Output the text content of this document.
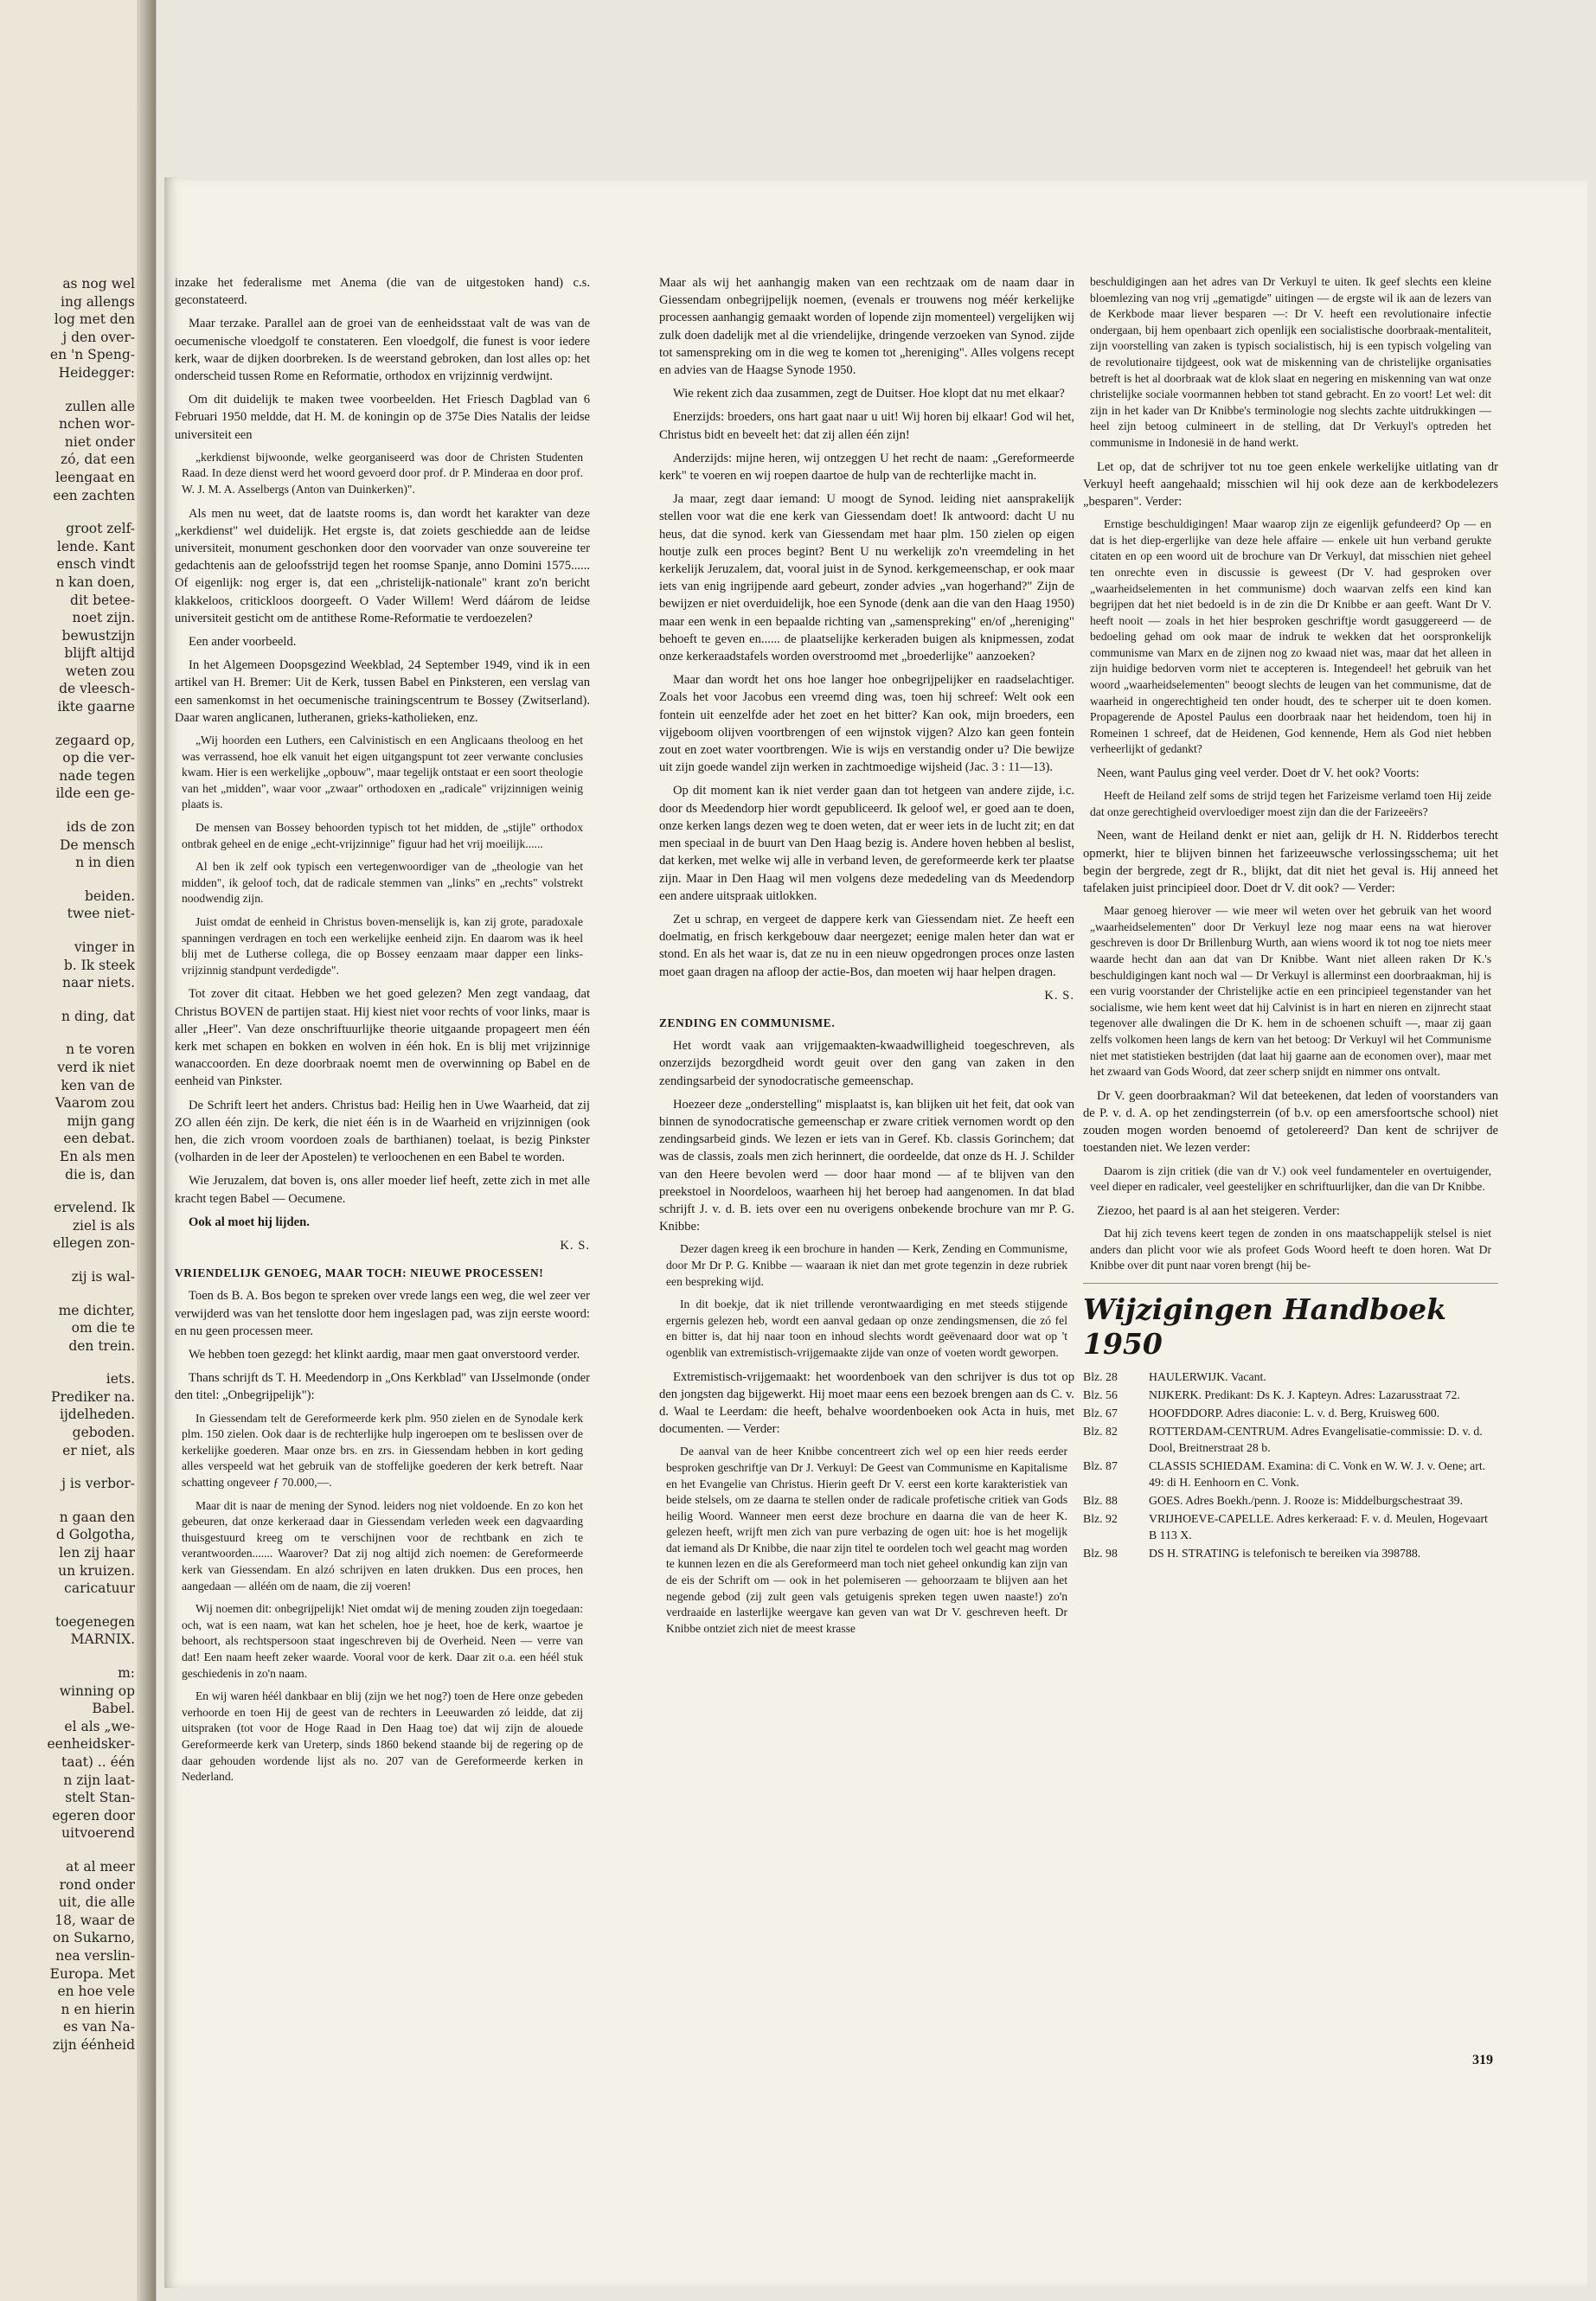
as nog wel
ing allengs
log met den
j den over-
en 'n Speng-
Heidegger:
zullen alle
nchen wor-
niet onder
zó, dat een
leengaat en
een zachten
groot zelf-
lende. Kant
ensch vindt
n kan doen,
dit betee-
noet zijn.
bewustzijn
blijft altijd
weten zou
de vleesch-
ikte gaarne
zegaard op,
op die ver-
nade tegen
ilde een ge-
ids de zon
De mensch
n in dien
beiden.
twee niet-
vinger in
b. Ik steek
naar niets.
n ding, dat
n te voren
verd ik niet
ken van de
Vaarom zou
mijn gang
een debat.
En als men
die is, dan
ervelend. Ik
ziel is als
ellegen zon-
zij is wal-
me dichter,
om die te
den trein.
iets.
Prediker na.
ijdelheden.
geboden.
er niet, als
j is verbor-
n gaan den
d Golgotha,
len zij haar
un kruizen.
caricatuur
toegenegen
MARNIX.
m:
winning op
Babel.
el als „we-
eenheidsker-
taat) .. één
n zijn laat-
stelt Stan-
egeren door
uitvoerend
at al meer
rond onder
uit, die alle
18, waar de
on Sukarno,
nea verslin-
Europa. Met
en hoe vele
n en hierin
es van Na-
zijn éénheid

inzake het federalisme met Anema (die van de uitgestoken hand) c.s. geconstateerd.

Maar terzake. Parallel aan de groei van de eenheidsstaat valt de was van de oecumenische vloedgolf te constateren. Een vloedgolf, die funest is voor iedere kerk, waar de dijken doorbreken. Is de weerstand gebroken, dan lost alles op: het onderscheid tussen Rome en Reformatie, orthodox en vrijzinnig verdwijnt.

Om dit duidelijk te maken twee voorbeelden. Het Friesch Dagblad van 6 Februari 1950 meldde, dat H. M. de koningin op de 375e Dies Natalis der leidse universiteit een

„kerkdienst bijwoonde, welke georganiseerd was door de Christen Studenten Raad. In deze dienst werd het woord gevoerd door prof. dr P. Minderaa en door prof. W. J. M. A. Asselbergs (Anton van Duinkerken)".

Als men nu weet, dat de laatste rooms is, dan wordt het karakter van deze „kerkdienst" wel duidelijk. Het ergste is, dat zoiets geschiedde aan de leidse universiteit, monument geschonken door den voorvader van onze souvereine ter gedachtenis aan de geloofsstrijd tegen het roomse Spanje, anno Domini 1575...... Of eigenlijk: nog erger is, dat een „christelijk-nationale" krant zo'n bericht klakkeloos, critickloos doorgeeft. O Vader Willem! Werd dáárom de leidse universiteit gesticht om de antithese Rome-Reformatie te verdoezelen?

Een ander voorbeeld.

In het Algemeen Doopsgezind Weekblad, 24 September 1949, vind ik in een artikel van H. Bremer: Uit de Kerk, tussen Babel en Pinksteren, een verslag van een samenkomst in het oecumenische trainingscentrum te Bossey (Zwitserland). Daar waren anglicanen, lutheranen, grieks-katholieken, enz.

„Wij hoorden een Luthers, een Calvinistisch en een Anglicaans theoloog en het was verrassend, hoe elk vanuit het eigen uitgangspunt tot zeer verwante conclusies kwam. Hier is een werkelijke „opbouw", maar tegelijk ontstaat er een soort theologie van het „midden", waar voor „zwaar" orthodoxen en „radicale" vrijzinnigen weinig plaats is.

De mensen van Bossey behoorden typisch tot het midden, de „stijle" orthodox ontbrak geheel en de enige „echt-vrijzinnige" figuur had het vrij moeilijk......

Al ben ik zelf ook typisch een vertegenwoordiger van de „theologie van het midden", ik geloof toch, dat de radicale stemmen van „links" en „rechts" volstrekt noodwendig zijn.

Juist omdat de eenheid in Christus boven-menselijk is, kan zij grote, paradoxale spanningen verdragen en toch een werkelijke eenheid zijn. En daarom was ik heel blij met de Lutherse collega, die op Bossey eenzaam maar dapper een links-vrijzinnig standpunt verdedigde".

Tot zover dit citaat. Hebben we het goed gelezen? Men zegt vandaag, dat Christus BOVEN de partijen staat. Hij kiest niet voor rechts of voor links, maar is aller „Heer". Van deze onschriftuurlijke theorie uitgaande propageert men één kerk met schapen en bokken en wolven in één hok. En is blij met vrijzinnige wanaccoorden. En deze doorbraak noemt men de overwinning op Babel en de eenheid van Pinkster.

De Schrift leert het anders. Christus bad: Heilig hen in Uwe Waarheid, dat zij ZO allen één zijn. De kerk, die niet één is in de Waarheid en vrijzinnigen (ook hen, die zich vroom voordoen zoals de barthianen) toelaat, is bezig Pinkster (volharden in de leer der Apostelen) te verloochenen en een Babel te worden.

Wie Jeruzalem, dat boven is, ons aller moeder lief heeft, zette zich in met alle kracht tegen Babel — Oecumene.

Ook al moet hij lijden.

K. S.

VRIENDELIJK GENOEG, MAAR TOCH: NIEUWE PROCESSEN!

Toen ds B. A. Bos begon te spreken over vrede langs een weg, die wel zeer ver verwijderd was van het tenslotte door hem ingeslagen pad, was zijn eerste woord: en nu geen processen meer.

We hebben toen gezegd: het klinkt aardig, maar men gaat onverstoord verder.

Thans schrijft ds T. H. Meedendorp in „Ons Kerkblad" van IJsselmonde (onder den titel: „Onbegrijpelijk"):

In Giessendam telt de Gereformeerde kerk plm. 950 zielen en de Synodale kerk plm. 150 zielen. Ook daar is de rechterlijke hulp ingeroepen om te beslissen over de kerkelijke goederen. Maar onze brs. en zrs. in Giessendam hebben in kort geding alles verspeeld wat het gebruik van de stoffelijke goederen der kerk betreft. Naar schatting ongeveer ƒ 70.000,—.

Maar dit is naar de mening der Synod. leiders nog niet voldoende. En zo kon het gebeuren, dat onze kerkeraad daar in Giessendam verleden week een dagvaarding thuisgestuurd kreeg om te verschijnen voor de rechtbank en zich te verantwoorden....... Waarover? Dat zij nog altijd zich noemen: de Gereformeerde kerk van Giessendam. En alzó schrijven en laten drukken. Dus een proces, hen aangedaan — alléén om de naam, die zij voeren!

Wij noemen dit: onbegrijpelijk! Niet omdat wij de mening zouden zijn toegedaan: och, wat is een naam, wat kan het schelen, hoe je heet, hoe de kerk, waartoe je behoort, als rechtspersoon staat ingeschreven bij de Overheid. Neen — verre van dat! Een naam heeft zeker waarde. Vooral voor de kerk. Daar zit o.a. een héél stuk geschiedenis in zo'n naam.

En wij waren héél dankbaar en blij (zijn we het nog?) toen de Here onze gebeden verhoorde en toen Hij de geest van de rechters in Leeuwarden zó leidde, dat zij uitspraken (tot voor de Hoge Raad in Den Haag toe) dat wij zijn de alouede Gereformeerde kerk van Ureterp, sinds 1860 bekend staande bij de regering op de daar gehouden wordende lijst als no. 207 van de Gereformeerde kerken in Nederland.

Maar als wij het aanhangig maken van een rechtzaak om de naam daar in Giessendam onbegrijpelijk noemen, (evenals er trouwens nog méér kerkelijke processen aanhangig gemaakt worden of lopende zijn momenteel) vergelijken wij zulk doen dadelijk met al die vriendelijke, dringende verzoeken van Synod. zijde tot samenspreking om in die weg te komen tot „hereniging". Alles volgens recept en advies van de Haagse Synode 1950.

Wie rekent zich daa zusammen, zegt de Duitser. Hoe klopt dat nu met elkaar?

Enerzijds: broeders, ons hart gaat naar u uit! Wij horen bij elkaar! God wil het, Christus bidt en beveelt het: dat zij allen één zijn!

Anderzijds: mijne heren, wij ontzeggen U het recht de naam: „Gereformeerde kerk" te voeren en wij roepen daartoe de hulp van de rechterlijke macht in.

Ja maar, zegt daar iemand: U moogt de Synod. leiding niet aansprakelijk stellen voor wat die ene kerk van Giessendam doet! Ik antwoord: dacht U nu heus, dat die synod. kerk van Giessendam met haar plm. 150 zielen op eigen houtje zulk een proces begint? Bent U nu werkelijk zo'n vreemdeling in het kerkelijk Jeruzalem, dat, vooral juist in de Synod. kerkgemeenschap, er ook maar iets van enig ingrijpende aard gebeurt, zonder advies „van hogerhand?" Zijn de bewijzen er niet overduidelijk, hoe een Synode (denk aan die van den Haag 1950) maar een wenk in een bepaalde richting van „samenspreking" en/of „hereniging" behoeft te geven en...... de plaatselijke kerkeraden buigen als knipmessen, zodat onze kerkeraadstafels worden overstroomd met „broederlijke" aanzoeken?

Maar dan wordt het ons hoe langer hoe onbegrijpelijker en raadselachtiger. Zoals het voor Jacobus een vreemd ding was, toen hij schreef: Welt ook een fontein uit eenzelfde ader het zoet en het bitter? Kan ook, mijn broeders, een vijgeboom olijven voortbrengen of een wijnstok vijgen? Alzo kan geen fontein zout en zoet water voortbrengen. Wie is wijs en verstandig onder u? Die bewijze uit zijn goede wandel zijn werken in zachtmoedige wijsheid (Jac. 3 : 11—13).

Op dit moment kan ik niet verder gaan dan tot hetgeen van andere zijde, i.c. door ds Meedendorp hier wordt gepubliceerd. Ik geloof wel, er goed aan te doen, onze kerken langs dezen weg te doen weten, dat er weer iets in de lucht zit; en dat men speciaal in de buurt van Den Haag bezig is. Andere hoven hebben al beslist, dat kerken, met welke wij alle in verband leven, de gereformeerde kerk ter plaatse zijn. Maar in Den Haag wil men volgens deze mededeling van ds Meedendorp een andere uitspraak uitlokken.

Zet u schrap, en vergeet de dappere kerk van Giessendam niet. Ze heeft een doelmatig, en frisch kerkgebouw daar neergezet; eenige malen heter dan wat er stond. En als het waar is, dat ze nu in een nieuw opgedrongen proces onze lasten moet gaan dragen na afloop der actie-Bos, dan moeten wij haar helpen dragen.

K. S.

ZENDING EN COMMUNISME.

Het wordt vaak aan vrijgemaakten-kwaadwilligheid toegeschreven, als onzerzijds bezorgdheid wordt geuit over den gang van zaken in den zendingsarbeid der synodocratische gemeenschap.

Hoezeer deze „onderstelling" misplaatst is, kan blijken uit het feit, dat ook van binnen de synodocratische gemeenschap er zware critiek vernomen wordt op den zendingsarbeid ginds. We lezen er iets van in Geref. Kb. classis Gorinchem; dat was de classis, zoals men zich herinnert, die oordeelde, dat onze ds H. J. Schilder van den Heere bevolen werd — door haar mond — af te blijven van den preekstoel in Noordeloos, waarheen hij het beroep had aangenomen. In dat blad schrijft J. v. d. B. iets over een nu overigens onbekende brochure van mr P. G. Knibbe:

Dezer dagen kreeg ik een brochure in handen — Kerk, Zending en Communisme, door Mr Dr P. G. Knibbe — waaraan ik niet dan met grote tegenzin in deze rubriek een bespreking wijd.

In dit boekje, dat ik niet trillende verontwaardiging en met steeds stijgende ergernis gelezen heb, wordt een aanval gedaan op onze zendingsmensen, die zó fel en bitter is, dat hij naar toon en inhoud slechts wordt geëvenaard door wat op 't ogenblik van extremistisch-vrijgemaakte zijde van onze of voeten wordt geworpen.

Extremistisch-vrijgemaakt: het woordenboek van den schrijver is dus tot op den jongsten dag bijgewerkt. Hij moet maar eens een bezoek brengen aan ds C. v. d. Waal te Leerdam: die heeft, behalve woordenboeken ook Acta in huis, met documenten. — Verder:

De aanval van de heer Knibbe concentreert zich wel op een hier reeds eerder besproken geschriftje van Dr J. Verkuyl: De Geest van Communisme en Kapitalisme en het Evangelie van Christus. Hierin geeft Dr V. eerst een korte karakteristiek van beide stelsels, om ze daarna te stellen onder de radicale profetische critiek van Gods heilig Woord. Wanneer men eerst deze brochure en daarna die van de heer K. gelezen heeft, wrijft men zich van pure verbazing de ogen uit: hoe is het mogelijk dat iemand als Dr Knibbe, die naar zijn titel te oordelen toch wel geacht mag worden te kunnen lezen en die als Gereformeerd man toch niet geheel onkundig kan zijn van de eis der Schrift om — ook in het polemiseren — gehoorzaam te blijven aan het negende gebod (zij zult geen vals getuigenis spreken tegen uwen naaste!) zo'n verdraaide en lasterlijke weergave kan geven van wat Dr V. geschreven heeft. Dr Knibbe ontziet zich niet de meest krasse

beschuldigingen aan het adres van Dr Verkuyl te uiten. Ik geef slechts een kleine bloemlezing van nog vrij „gematigde" uitingen — de ergste wil ik aan de lezers van de Kerkbode maar liever besparen —: Dr V. heeft een revolutionaire infectie ondergaan, bij hem openbaart zich openlijk een socialistische doorbraak-mentaliteit, zijn voorstelling van zaken is typisch socialistisch, hij is een typisch volgeling van de revolutionaire tijdgeest, ook wat de miskenning van de christelijke organisaties betreft is het al doorbraak wat de klok slaat en negering en miskenning van wat onze christelijke sociale voormannen hebben tot stand gebracht. En zo voort! Let wel: dit zijn in het kader van Dr Knibbe's terminologie nog slechts zachte uitdrukkingen — heel zijn betoog culmineert in de stelling, dat Dr Verkuyl's optreden het communisme in Indonesië in de hand werkt.

Let op, dat de schrijver tot nu toe geen enkele werkelijke uitlating van dr Verkuyl heeft aangehaald; misschien wil hij ook deze aan de kerkbodelezers „besparen". Verder:

Ernstige beschuldigingen! Maar waarop zijn ze eigenlijk gefundeerd? Op — en dat is het diep-ergerlijke van deze hele affaire — enkele uit hun verband gerukte citaten en op een woord uit de brochure van Dr Verkuyl, dat misschien niet geheel ten onrechte even in discussie is geweest (Dr V. had gesproken over „waarheidselementen in het communisme) doch waarvan zelfs een kind kan begrijpen dat het niet bedoeld is in de zin die Dr Knibbe er aan geeft. Want Dr V. heeft nooit — zoals in het hier besproken geschriftje wordt gasuggereerd — de bedoeling gehad om ook maar de indruk te wekken dat het oorspronkelijk communisme van Marx en de zijnen nog zo kwaad niet was, maar dat het alleen in zijn huidige bedorven vorm niet te accepteren is. Integendeel! het gebruik van het woord „waarheidselementen" beoogt slechts de leugen van het communisme, dat de waarheid in ongerechtigheid ten onder houdt, des te scherper uit te doen komen. Propagerende de Apostel Paulus een doorbraak naar het heidendom, toen hij in Romeinen 1 schreef, dat de Heidenen, God kennende, Hem als God niet hebben verheerlijkt of gedankt?

Neen, want Paulus ging veel verder. Doet dr V. het ook? Voorts:

Heeft de Heiland zelf soms de strijd tegen het Farizeisme verlamd toen Hij zeide dat onze gerechtigheid overvloediger moest zijn dan die der Farizeeërs?

Neen, want de Heiland denkt er niet aan, gelijk dr H. N. Ridderbos terecht opmerkt, hier te blijven binnen het farizeeuwsche verlossingsschema; uit het begin der bergrede, zegt dr R., blijkt, dat dit niet het geval is. Hij anneed het tafelaken juist principieel door. Doet dr V. dit ook? — Verder:

Maar genoeg hierover — wie meer wil weten over het gebruik van het woord „waarheidselementen" door Dr Verkuyl leze nog maar eens na wat hierover geschreven is door Dr Brillenburg Wurth, aan wiens woord ik tot nog toe niets meer waarde hecht dan aan dat van Dr Knibbe. Want niet alleen raken Dr K.'s beschuldigingen kant noch wal — Dr Verkuyl is allerminst een doorbraakman, hij is een vurig voorstander der Christelijke actie en een principieel tegenstander van het socialisme, wie hem kent weet dat hij Calvinist is in hart en nieren en zijnrecht staat tegenover alle dwalingen die Dr K. hem in de schoenen schuift —, maar zij gaan zelfs volkomen heen langs de kern van het betoog: Dr Verkuyl wil het Communisme niet met statistieken bestrijden (dat laat hij gaarne aan de economen over), maar met het zwaard van Gods Woord, dat zeer scherp snijdt en nimmer ons ontvalt.

Dr V. geen doorbraakman? Wil dat beteekenen, dat leden of voorstanders van de P. v. d. A. op het zendingsterrein (of b.v. op een amersfoortsche school) niet zouden mogen worden benoemd of getolereerd? Dan kent de schrijver de toestanden niet. We lezen verder:

Daarom is zijn critiek (die van dr V.) ook veel fundamenteler en overtuigender, veel dieper en radicaler, veel geestelijker en schriftuurlijker, dan die van Dr Knibbe.

Ziezoo, het paard is al aan het steigeren. Verder:

Dat hij zich tevens keert tegen de zonden in ons maatschappelijk stelsel is niet anders dan plicht voor wie als profeet Gods Woord heeft te doen horen. Wat Dr Knibbe over dit punt naar voren brengt (hij be-

Wijzigingen Handboek 1950
Blz. 28	HAULERWIJK. Vacant.
Blz. 56	NIJKERK. Predikant: Ds K. J. Kapteyn. Adres: Lazarusstraat 72.
Blz. 67	HOOFDDORP. Adres diaconie: L. v. d. Berg, Kruisweg 600.
Blz. 82	ROTTERDAM-CENTRUM. Adres Evangelisatie-commissie: D. v. d. Dool, Breitnerstraat 28 b.
Blz. 87	CLASSIS SCHIEDAM. Examina: di C. Vonk en W. W. J. v. Oene; art. 49: di H. Eenhoorn en C. Vonk.
Blz. 88	GOES. Adres Boekh./penn. J. Rooze is: Middelburgschestraat 39.
Blz. 92	VRIJHOEVE-CAPELLE. Adres kerkeraad: F. v. d. Meulen, Hogevaart B 113 X.
Blz. 98	DS H. STRATING is telefonisch te bereiken via 398788.
319
